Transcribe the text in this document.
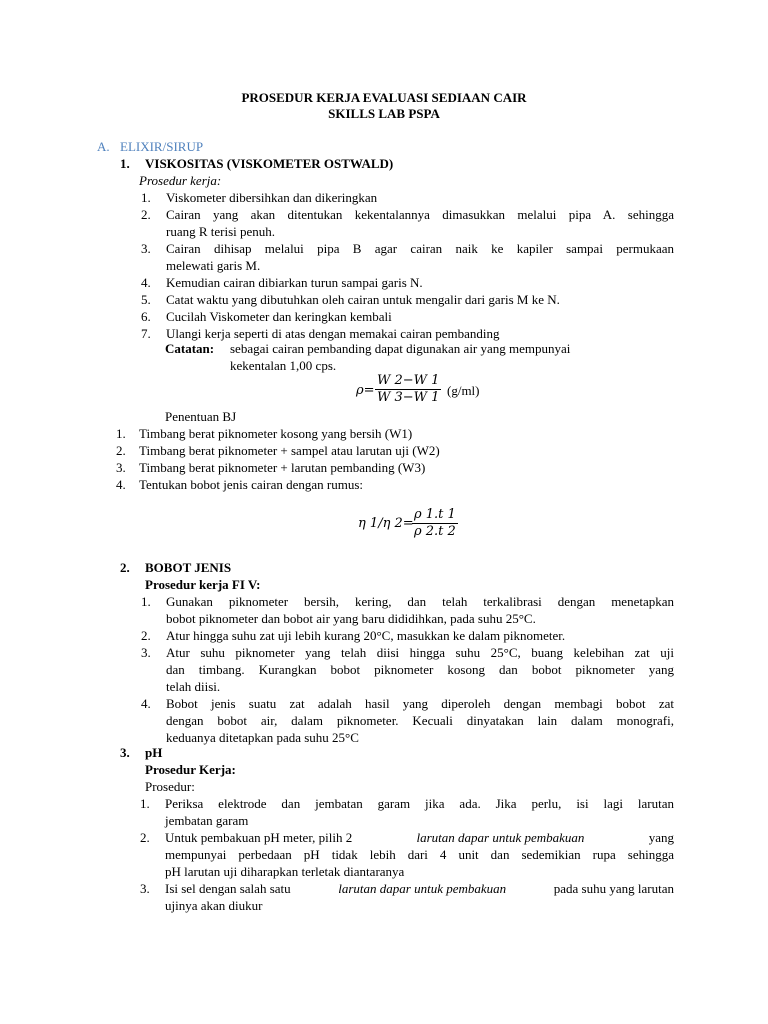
PROSEDUR KERJA EVALUASI SEDIAAN CAIR
SKILLS LAB PSPA
A. ELIXIR/SIRUP
1. VISKOSITAS (VISKOMETER OSTWALD)
Prosedur kerja:
1. Viskometer dibersihkan dan dikeringkan
2. Cairan yang akan ditentukan kekentalannya dimasukkan melalui pipa A. sehingga
ruang R terisi penuh.
3. Cairan dihisap melalui pipa B agar cairan naik ke kapiler sampai permukaan
melewati garis M.
4. Kemudian cairan dibiarkan turun sampai garis N.
5. Catat waktu yang dibutuhkan oleh cairan untuk mengalir dari garis M ke N.
6. Cucilah Viskometer dan keringkan kembali
7. Ulangi kerja seperti di atas dengan memakai cairan pembanding
Catatan: sebagai cairan pembanding dapat digunakan air yang mempunyai
kekentalan 1,00 cps.
$\rho= \frac{W 2-W 1}{W 3-W 1} (g/ml)$
Penentuan BJ
1. Timbang berat piknometer kosong yang bersih (W1)
2. Timbang berat piknometer + sampel atau larutan uji (W2)
3. Timbang berat piknometer + larutan pembanding (W3)
4. Tentukan bobot jenis cairan dengan rumus:
η 1/η 2=
$\frac{\rho 1.t 1}{\rho 2.t 2}$
2. BOBOT JENIS
Prosedur kerja FI V:
1. Gunakan piknometer bersih, kering, dan telah terkalibrasi dengan menetapkan
bobot piknometer dan bobot air yang baru dididihkan, pada suhu 25°C.
2. Atur hingga suhu zat uji lebih kurang 20°C, masukkan ke dalam piknometer.
3. Atur suhu piknometer yang telah diisi hingga suhu 25°C, buang kelebihan zat uji
dan timbang. Kurangkan bobot piknometer kosong dan bobot piknometer yang
telah diisi.
4. Bobot jenis suatu zat adalah hasil yang diperoleh dengan membagi bobot zat
dengan bobot air, dalam piknometer. Kecuali dinyatakan lain dalam monografi,
keduanya ditetapkan pada suhu 25°C
3. pH
Prosedur Kerja:
Prosedur:
1. Periksa elektrode dan jembatan garam jika ada. Jika perlu, isi lagi larutan
jembatan garam
2. Untuk pembakuan pH meter, pilih 2	larutan dapar untuk pembakuan	yang
mempunyai perbedaan pH tidak lebih dari 4 unit dan sedemikian rupa sehingga
pH larutan uji diharapkan terletak diantaranya
3. Isi sel dengan salah satu	larutan dapar untuk pembakuan	pada suhu yang larutan
ujinya akan diukur
